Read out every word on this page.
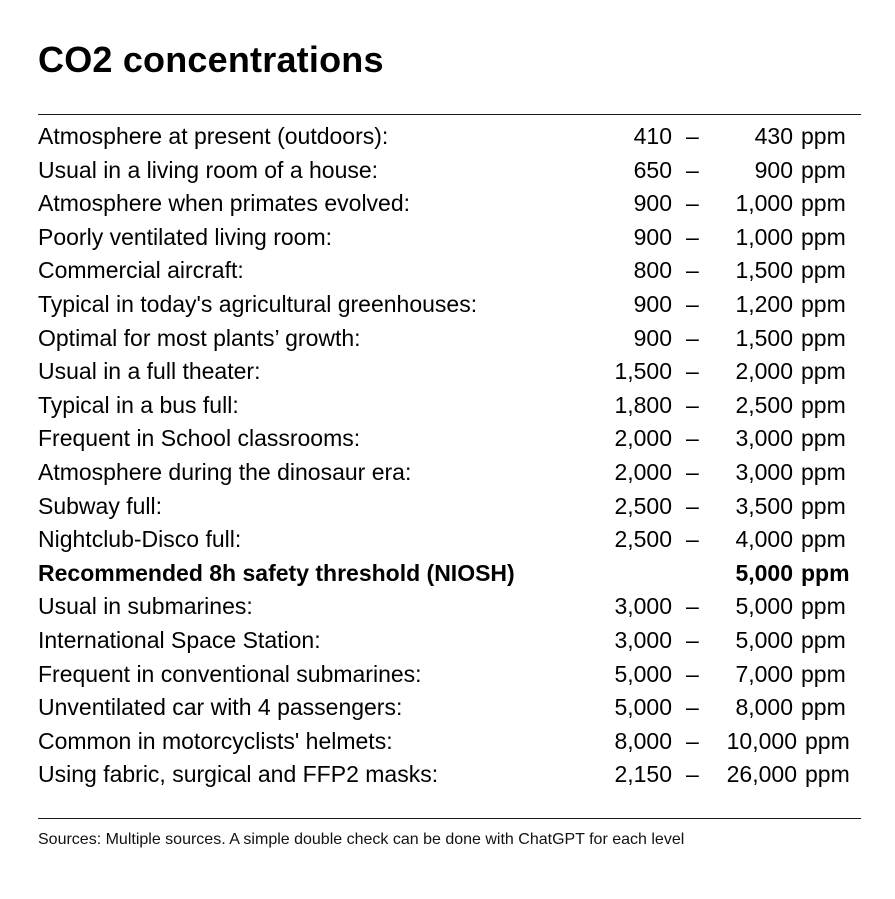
CO2 concentrations
Atmosphere at present (outdoors):	410 – 430 ppm
Usual in a living room of a house:	650 – 900 ppm
Atmosphere when primates evolved:	900 – 1,000 ppm
Poorly ventilated living room:	900 – 1,000 ppm
Commercial aircraft:	800 – 1,500 ppm
Typical in today's agricultural greenhouses:	900 – 1,200 ppm
Optimal for most plants’ growth:	900 – 1,500 ppm
Usual in a full theater:	1,500 – 2,000 ppm
Typical in a bus full:	1,800 – 2,500 ppm
Frequent in School classrooms:	2,000 – 3,000 ppm
Atmosphere during the dinosaur era:	2,000 – 3,000 ppm
Subway full:	2,500 – 3,500 ppm
Nightclub-Disco full:	2,500 – 4,000 ppm
Recommended 8h safety threshold (NIOSH)	5,000 ppm
Usual in submarines:	3,000 – 5,000 ppm
International Space Station:	3,000 – 5,000 ppm
Frequent in conventional submarines:	5,000 – 7,000 ppm
Unventilated car with 4 passengers:	5,000 – 8,000 ppm
Common in motorcyclists' helmets:	8,000 – 10,000 ppm
Using fabric, surgical and FFP2 masks:	2,150 – 26,000 ppm
Sources: Multiple sources. A simple double check can be done with ChatGPT for each level
